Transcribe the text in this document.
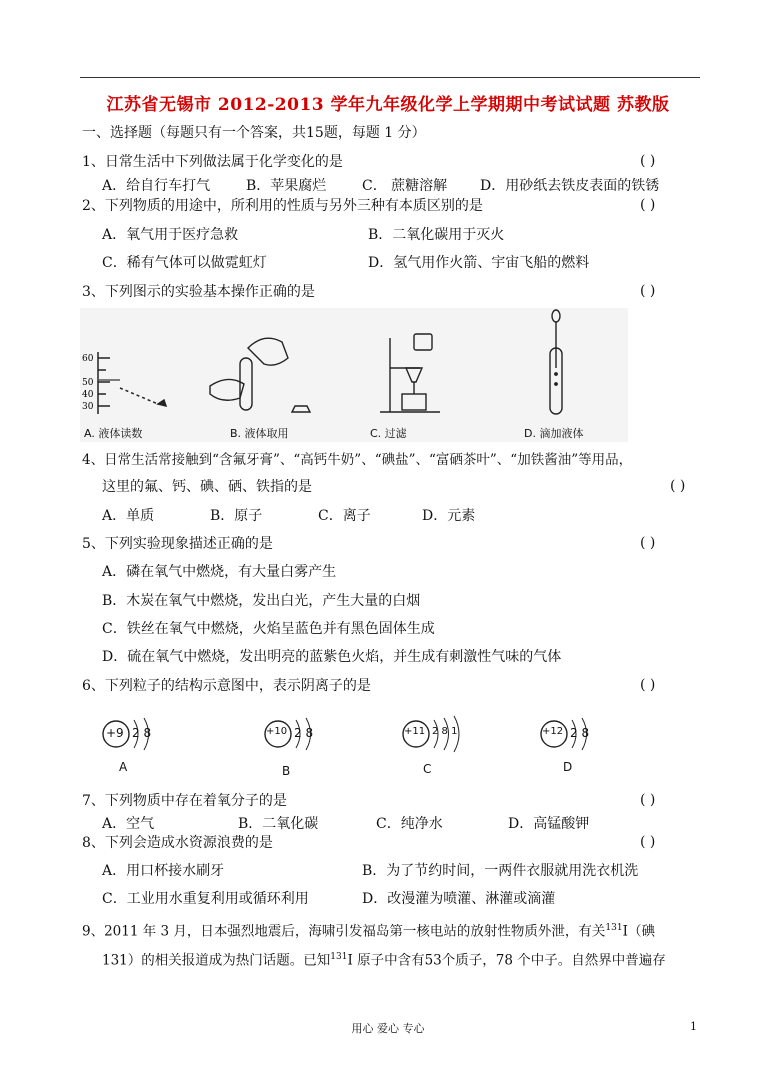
江苏省无锡市 2012-2013 学年九年级化学上学期期中考试试题 苏教版
一、选择题（每题只有一个答案，共15题，每题 1 分）
1、日常生活中下列做法属于化学变化的是	( )
A．给自行车打气	B．苹果腐烂	C． 蔗糖溶解 D．用砂纸去铁皮表面的铁锈
2、下列物质的用途中，所利用的性质与另外三种有本质区别的是	( )
A．氧气用于医疗急救	B．二氧化碳用于灭火
C．稀有气体可以做霓虹灯	D．氢气用作火箭、宇宙飞船的燃料
3、下列图示的实验基本操作正确的是	( )
60
50
40
30
A. 液体读数	B. 液体取用	C. 过滤	D. 滴加液体
4、日常生活常接触到“含氟牙膏”、“高钙牛奶”、“碘盐”、“富硒茶叶”、“加铁酱油”等用品，
这里的氟、钙、碘、硒、铁指的是	( )
A．单质	B．原子	C．离子	D．元素
5、下列实验现象描述正确的是	( )
A．磷在氧气中燃烧，有大量白雾产生
B．木炭在氧气中燃烧，发出白光，产生大量的白烟
C．铁丝在氧气中燃烧，火焰呈蓝色并有黑色固体生成
D．硫在氧气中燃烧，发出明亮的蓝紫色火焰，并生成有刺激性气味的气体
6、下列粒子的结构示意图中，表示阴离子的是	( )
+9 2 8
A
+10 2 8
B
+11 2 8 1
C
+12 2 8
D
7、下列物质中存在着氧分子的是	( )
A．空气	B．二氧化碳	C．纯净水	D．高锰酸钾
8、下列会造成水资源浪费的是	( )
A．用口杯接水刷牙	B．为了节约时间，一两件衣服就用洗衣机洗
C．工业用水重复利用或循环利用	D．改漫灌为喷灌、淋灌或滴灌
9、2011 年 3 月，日本强烈地震后，海啸引发福岛第一核电站的放射性物质外泄，有关$^{131}$I（碘
131）的相关报道成为热门话题。已知$^{131}$I 原子中含有53个质子，78 个中子。自然界中普遍存
用心 爱心 专心	1
